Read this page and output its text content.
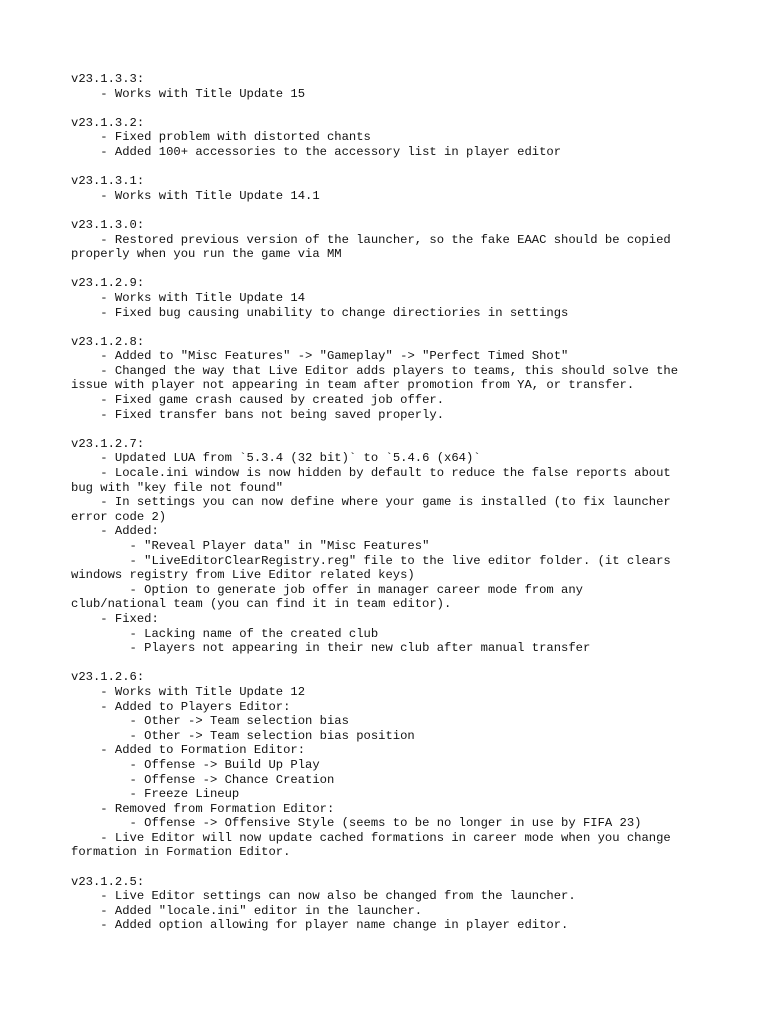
v23.1.3.3:
- Works with Title Update 15
v23.1.3.2:
- Fixed problem with distorted chants
- Added 100+ accessories to the accessory list in player editor
v23.1.3.1:
- Works with Title Update 14.1
v23.1.3.0:
- Restored previous version of the launcher, so the fake EAAC should be copied
properly when you run the game via MM
v23.1.2.9:
- Works with Title Update 14
- Fixed bug causing unability to change directiories in settings
v23.1.2.8:
- Added to "Misc Features" -> "Gameplay" -> "Perfect Timed Shot"
- Changed the way that Live Editor adds players to teams, this should solve the
issue with player not appearing in team after promotion from YA, or transfer.
- Fixed game crash caused by created job offer.
- Fixed transfer bans not being saved properly.
v23.1.2.7:
- Updated LUA from `5.3.4 (32 bit)` to `5.4.6 (x64)`
- Locale.ini window is now hidden by default to reduce the false reports about
bug with "key file not found"
- In settings you can now define where your game is installed (to fix launcher
error code 2)
- Added:
- "Reveal Player data" in "Misc Features"
- "LiveEditorClearRegistry.reg" file to the live editor folder. (it clears
windows registry from Live Editor related keys)
- Option to generate job offer in manager career mode from any
club/national team (you can find it in team editor).
- Fixed:
- Lacking name of the created club
- Players not appearing in their new club after manual transfer
v23.1.2.6:
- Works with Title Update 12
- Added to Players Editor:
- Other -> Team selection bias
- Other -> Team selection bias position
- Added to Formation Editor:
- Offense -> Build Up Play
- Offense -> Chance Creation
- Freeze Lineup
- Removed from Formation Editor:
- Offense -> Offensive Style (seems to be no longer in use by FIFA 23)
- Live Editor will now update cached formations in career mode when you change
formation in Formation Editor.
v23.1.2.5:
- Live Editor settings can now also be changed from the launcher.
- Added "locale.ini" editor in the launcher.
- Added option allowing for player name change in player editor.
